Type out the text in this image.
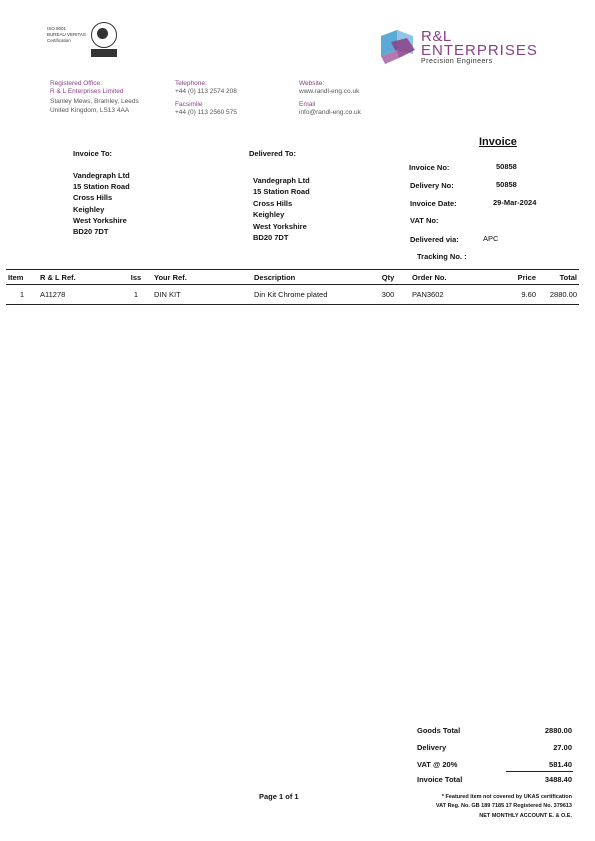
ISO 9001
BUREAU VERITAS
Certification	R&L
ENTERPRISES
Precision Engineers
Registered Office:
R & L Enterprises Limited
Stanley Mews, Bramley, Leeds
United Kingdom, LS13 4AA
Telephone:
+44 (0) 113 2574 208
Facsimile
+44 (0) 113 2560 575
Website:
www.randl-eng.co.uk
Email
info@randl-eng.co.uk
Invoice
Invoice To:
Vandegraph Ltd
15 Station Road
Cross Hills
Keighley
West Yorkshire
BD20 7DT
Delivered To:
Vandegraph Ltd
15 Station Road
Cross Hills
Keighley
West Yorkshire
BD20 7DT
Invoice No:	50858
Delivery No:	50858
Invoice Date:	29-Mar-2024
VAT No:
Delivered via:	APC
Tracking No. :
Item	R & L Ref.	Iss	Your Ref.	Description	Qty	Order No.	Price	Total
1	A11278	1	DIN KIT	Din Kit Chrome plated	300	PAN3602	9.60	2880.00
Goods Total	2880.00
Delivery	27.00
VAT @ 20%	581.40
Invoice Total	3488.40
Page 1 of 1	* Featured item not covered by UKAS certification
VAT Reg. No. GB 189 7185 17 Registered No. 379613
NET MONTHLY ACCOUNT E. & O.E.
